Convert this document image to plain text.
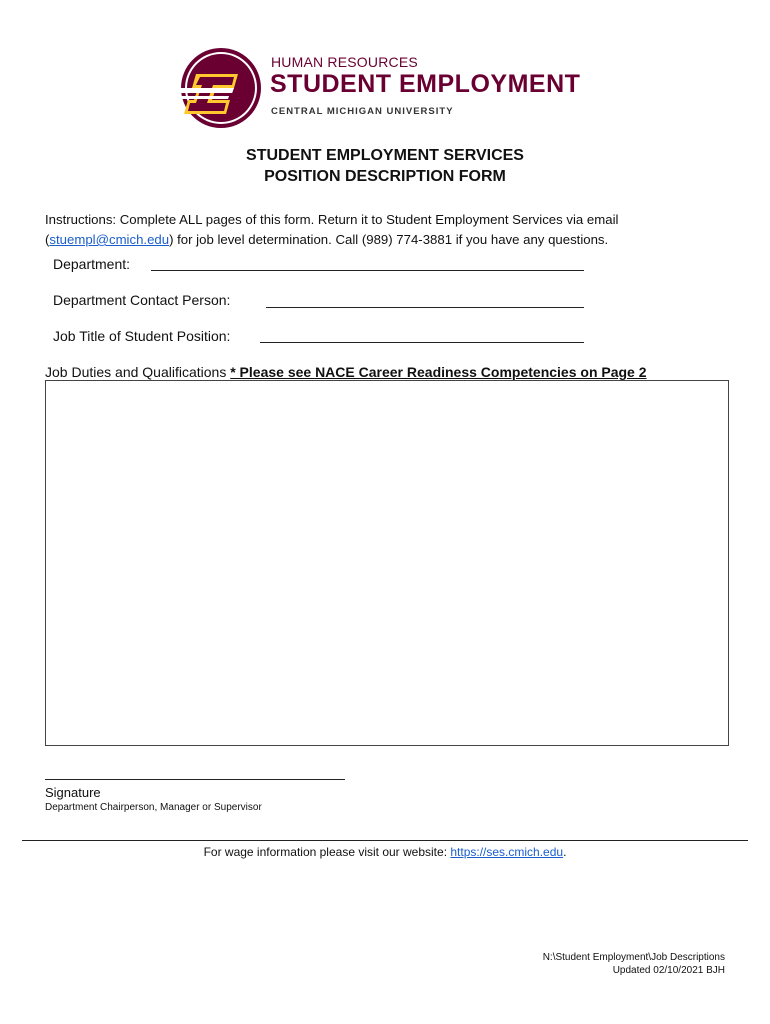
HUMAN RESOURCES
STUDENT EMPLOYMENT
CENTRAL MICHIGAN UNIVERSITY
STUDENT EMPLOYMENT SERVICES
POSITION DESCRIPTION FORM
Instructions: Complete ALL pages of this form. Return it to Student Employment Services via email (stuempl@cmich.edu) for job level determination. Call (989) 774-3881 if you have any questions.
Department:
Department Contact Person:
Job Title of Student Position:
Job Duties and Qualifications * Please see NACE Career Readiness Competencies on Page 2
Signature
Department Chairperson, Manager or Supervisor
For wage information please visit our website: https://ses.cmich.edu.
N:\Student Employment\Job Descriptions
Updated 02/10/2021 BJH
